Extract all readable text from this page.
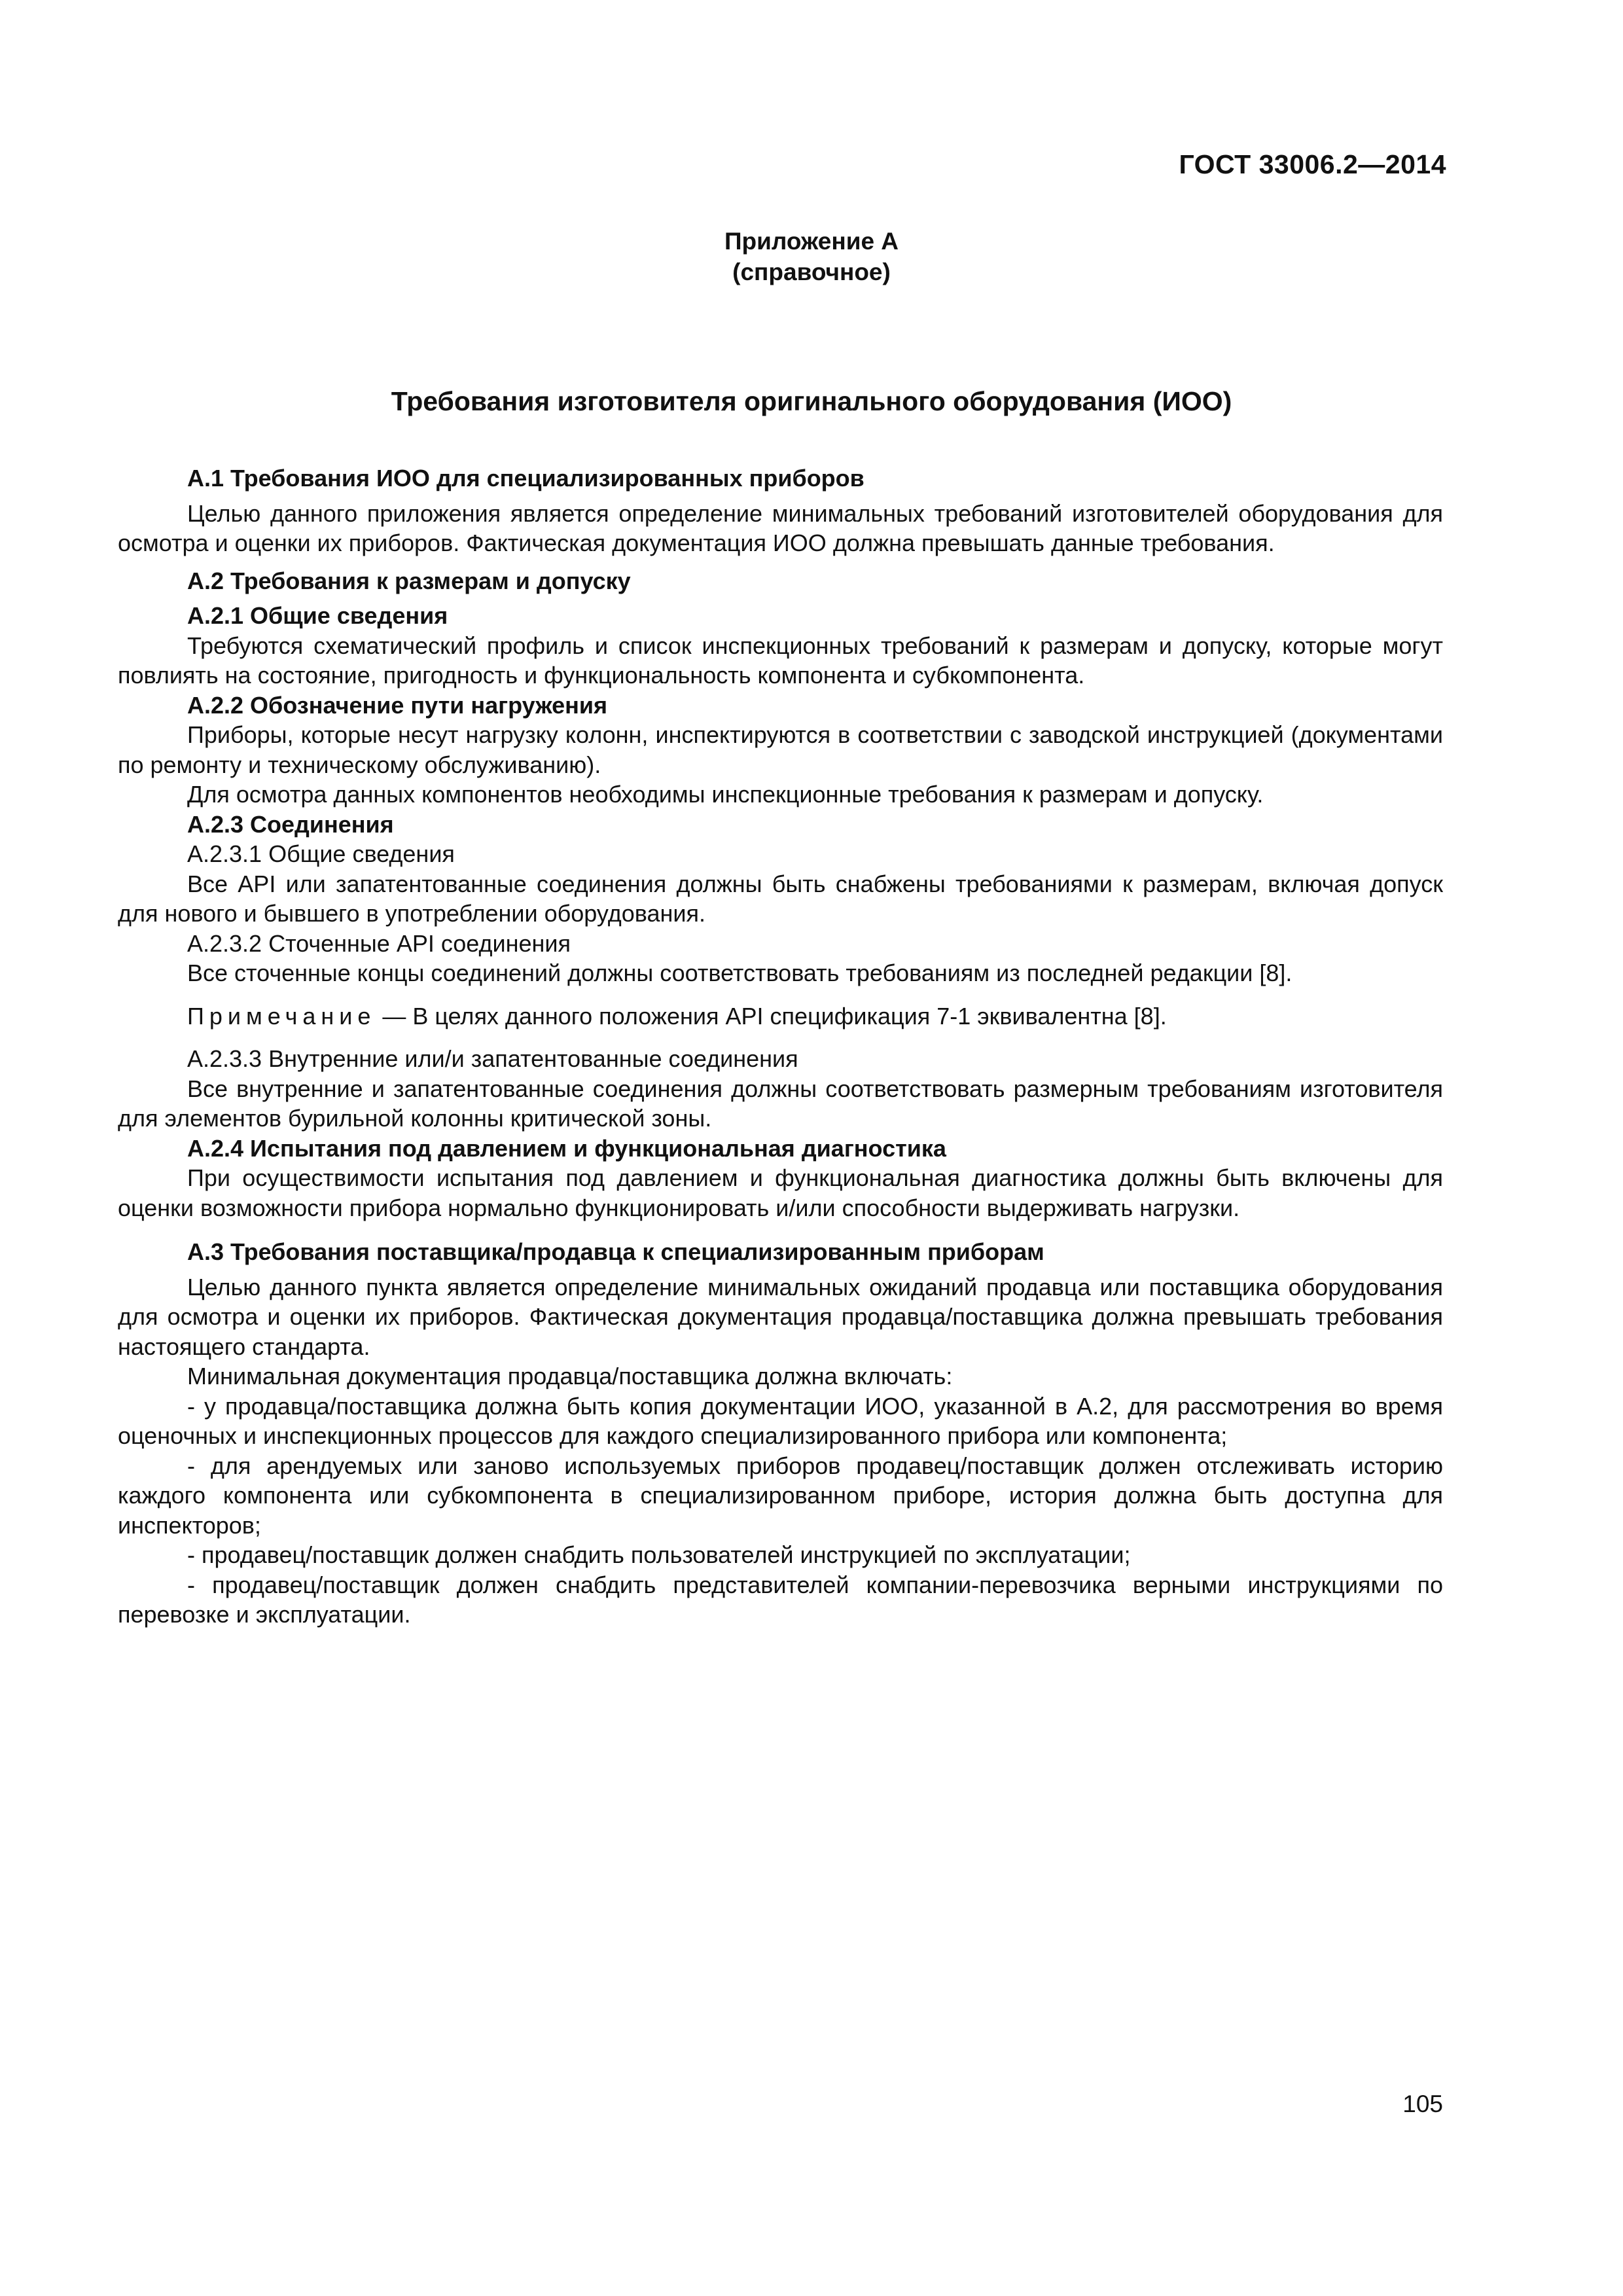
ГОСТ 33006.2—2014
Приложение А
(справочное)
Требования изготовителя оригинального оборудования (ИОО)

А.1 Требования ИОО для специализированных приборов

Целью данного приложения является определение минимальных требований изготовителей оборудования для осмотра и оценки их приборов. Фактическая документация ИОО должна превышать данные требования.

А.2 Требования к размерам и допуску

А.2.1 Общие сведения

Требуются схематический профиль и список инспекционных требований к размерам и допуску, которые могут повлиять на состояние, пригодность и функциональность компонента и субкомпонента.

А.2.2 Обозначение пути нагружения

Приборы, которые несут нагрузку колонн, инспектируются в соответствии с заводской инструкцией (документами по ремонту и техническому обслуживанию).

Для осмотра данных компонентов необходимы инспекционные требования к размерам и допуску.

А.2.3 Соединения

А.2.3.1 Общие сведения

Все API или запатентованные соединения должны быть снабжены требованиями к размерам, включая допуск для нового и бывшего в употреблении оборудования.

А.2.3.2 Сточенные API соединения

Все сточенные концы соединений должны соответствовать требованиям из последней редакции [8].

Примечание — В целях данного положения API спецификация 7-1 эквивалентна [8].

А.2.3.3 Внутренние или/и запатентованные соединения

Все внутренние и запатентованные соединения должны соответствовать размерным требованиям изготовителя для элементов бурильной колонны критической зоны.

А.2.4 Испытания под давлением и функциональная диагностика

При осуществимости испытания под давлением и функциональная диагностика должны быть включены для оценки возможности прибора нормально функционировать и/или способности выдерживать нагрузки.

А.3 Требования поставщика/продавца к специализированным приборам

Целью данного пункта является определение минимальных ожиданий продавца или поставщика оборудования для осмотра и оценки их приборов. Фактическая документация продавца/поставщика должна превышать требования настоящего стандарта.

Минимальная документация продавца/поставщика должна включать:

- у продавца/поставщика должна быть копия документации ИОО, указанной в А.2, для рассмотрения во время оценочных и инспекционных процессов для каждого специализированного прибора или компонента;

- для арендуемых или заново используемых приборов продавец/поставщик должен отслеживать историю каждого компонента или субкомпонента в специализированном приборе, история должна быть доступна для инспекторов;

- продавец/поставщик должен снабдить пользователей инструкцией по эксплуатации;

- продавец/поставщик должен снабдить представителей компании-перевозчика верными инструкциями по перевозке и эксплуатации.

105
